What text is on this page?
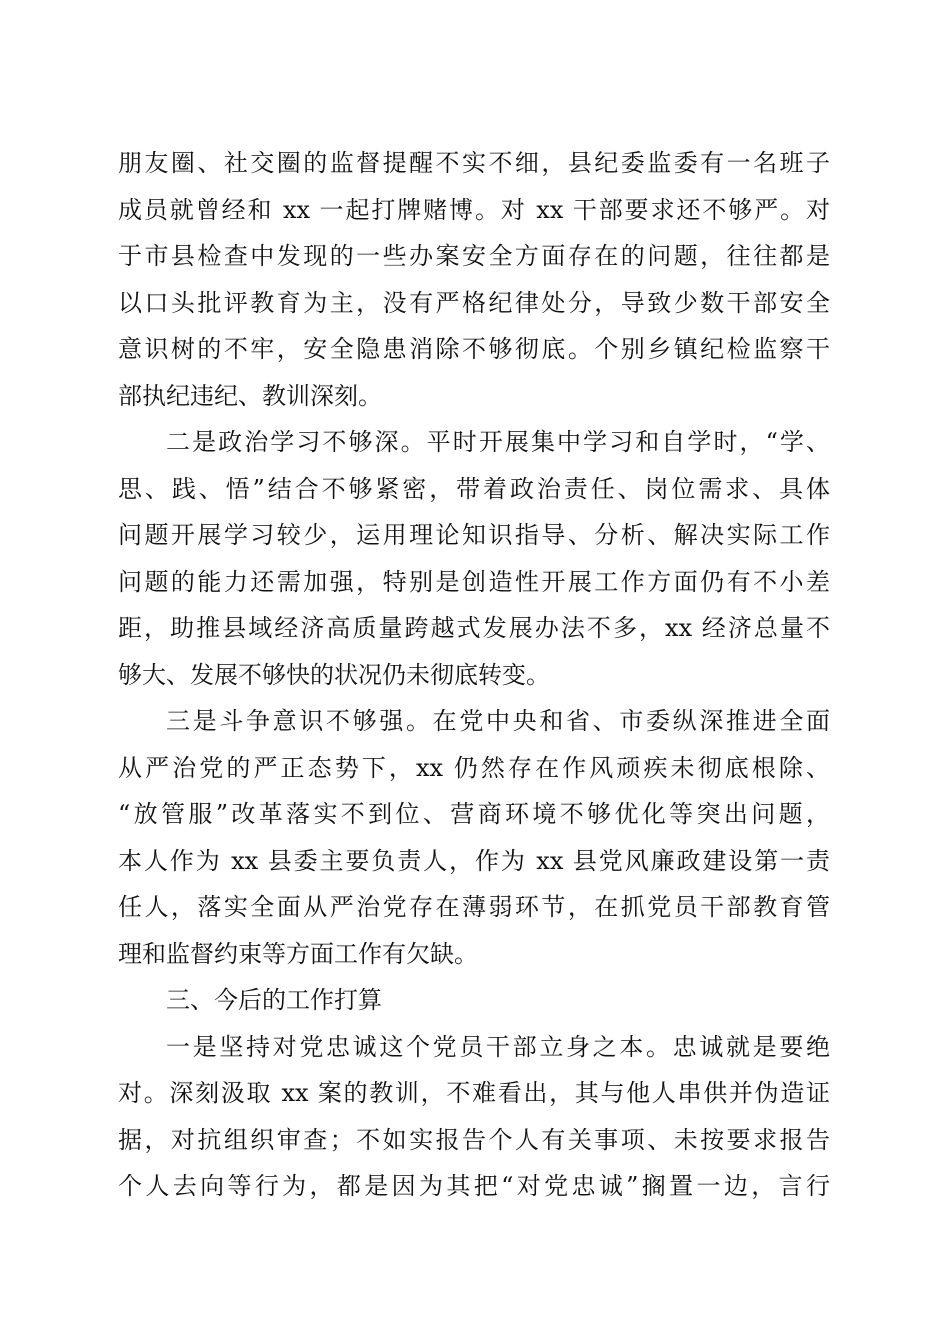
朋友圈、社交圈的监督提醒不实不细，县纪委监委有一名班子
成员就曾经和 xx 一起打牌赌博。对 xx 干部要求还不够严。对
于市县检查中发现的一些办案安全方面存在的问题，往往都是
以口头批评教育为主，没有严格纪律处分，导致少数干部安全
意识树的不牢，安全隐患消除不够彻底。个别乡镇纪检监察干
部执纪违纪、教训深刻。
二是政治学习不够深。平时开展集中学习和自学时，“学、
思、践、悟”结合不够紧密，带着政治责任、岗位需求、具体
问题开展学习较少，运用理论知识指导、分析、解决实际工作
问题的能力还需加强，特别是创造性开展工作方面仍有不小差
距，助推县域经济高质量跨越式发展办法不多，xx 经济总量不
够大、发展不够快的状况仍未彻底转变。
三是斗争意识不够强。在党中央和省、市委纵深推进全面
从严治党的严正态势下，xx 仍然存在作风顽疾未彻底根除、
“放管服”改革落实不到位、营商环境不够优化等突出问题，
本人作为 xx 县委主要负责人，作为 xx 县党风廉政建设第一责
任人，落实全面从严治党存在薄弱环节，在抓党员干部教育管
理和监督约束等方面工作有欠缺。
三、今后的工作打算
一是坚持对党忠诚这个党员干部立身之本。忠诚就是要绝
对。深刻汲取 xx 案的教训，不难看出，其与他人串供并伪造证
据，对抗组织审查；不如实报告个人有关事项、未按要求报告
个人去向等行为，都是因为其把“对党忠诚”搁置一边，言行
